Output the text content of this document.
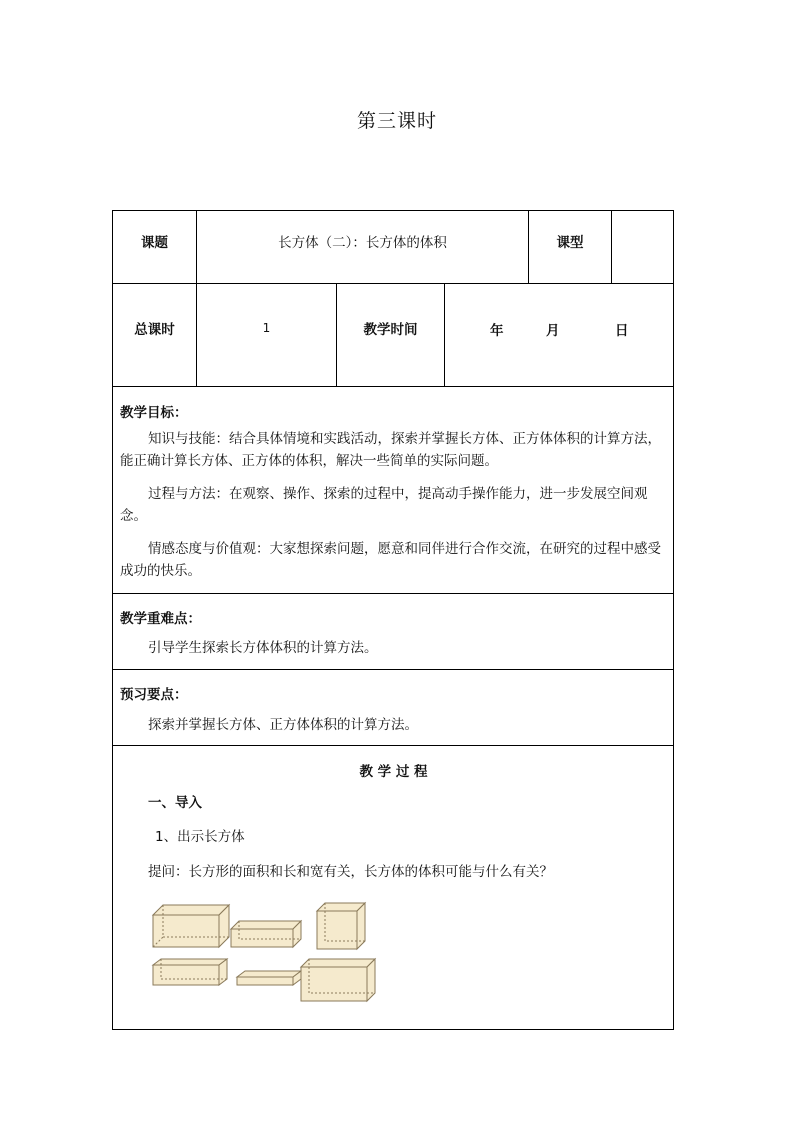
第三课时
课题	长方体（二）：长方体的体积	课型
总课时	1	教学时间	年	月	日
教学目标：

知识与技能：结合具体情境和实践活动，探索并掌握长方体、正方体体积的计算方法，能正确计算长方体、正方体的体积，解决一些简单的实际问题。

过程与方法：在观察、操作、探索的过程中，提高动手操作能力，进一步发展空间观念。

情感态度与价值观：大家想探索问题，愿意和同伴进行合作交流，在研究的过程中感受成功的快乐。

教学重难点：
引导学生探索长方体体积的计算方法。
预习要点：
探索并掌握长方体、正方体体积的计算方法。
教 学 过 程
一、导入
1、出示长方体
提问：长方形的面积和长和宽有关，长方体的体积可能与什么有关？
